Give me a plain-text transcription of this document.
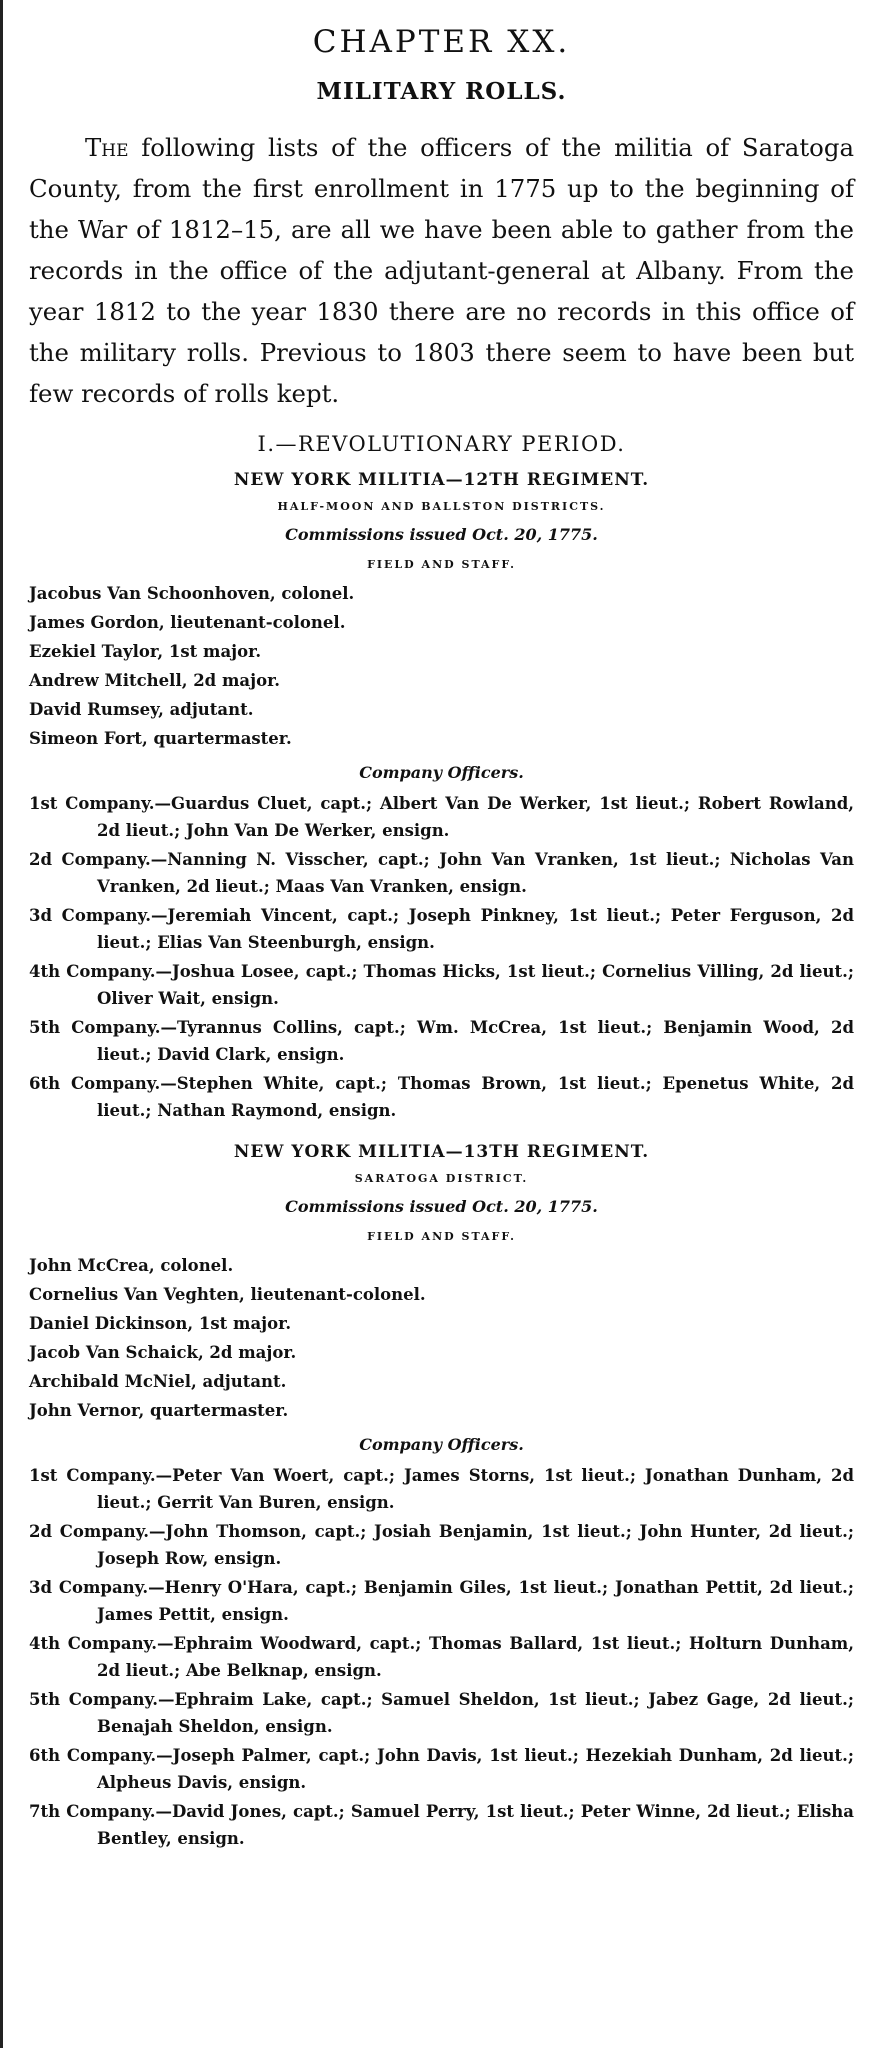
CHAPTER XX.
MILITARY ROLLS.

The following lists of the officers of the militia of Saratoga County, from the first enrollment in 1775 up to the beginning of the War of 1812–15, are all we have been able to gather from the records in the office of the adjutant-general at Albany. From the year 1812 to the year 1830 there are no records in this office of the military rolls. Previous to 1803 there seem to have been but few records of rolls kept.

I.—REVOLUTIONARY PERIOD.
NEW YORK MILITIA—12TH REGIMENT.
HALF-MOON AND BALLSTON DISTRICTS.
Commissions issued Oct. 20, 1775.
FIELD AND STAFF.
Jacobus Van Schoonhoven, colonel.
James Gordon, lieutenant-colonel.
Ezekiel Taylor, 1st major.
Andrew Mitchell, 2d major.
David Rumsey, adjutant.
Simeon Fort, quartermaster.
Company Officers.
1st Company.—Guardus Cluet, capt.; Albert Van De Werker, 1st lieut.; Robert Rowland, 2d lieut.; John Van De Werker, ensign.
2d Company.—Nanning N. Visscher, capt.; John Van Vranken, 1st lieut.; Nicholas Van Vranken, 2d lieut.; Maas Van Vranken, ensign.
3d Company.—Jeremiah Vincent, capt.; Joseph Pinkney, 1st lieut.; Peter Ferguson, 2d lieut.; Elias Van Steenburgh, ensign.
4th Company.—Joshua Losee, capt.; Thomas Hicks, 1st lieut.; Cornelius Villing, 2d lieut.; Oliver Wait, ensign.
5th Company.—Tyrannus Collins, capt.; Wm. McCrea, 1st lieut.; Benjamin Wood, 2d lieut.; David Clark, ensign.
6th Company.—Stephen White, capt.; Thomas Brown, 1st lieut.; Epenetus White, 2d lieut.; Nathan Raymond, ensign.
NEW YORK MILITIA—13TH REGIMENT.
SARATOGA DISTRICT.
Commissions issued Oct. 20, 1775.
FIELD AND STAFF.
John McCrea, colonel.
Cornelius Van Veghten, lieutenant-colonel.
Daniel Dickinson, 1st major.
Jacob Van Schaick, 2d major.
Archibald McNiel, adjutant.
John Vernor, quartermaster.
Company Officers.
1st Company.—Peter Van Woert, capt.; James Storns, 1st lieut.; Jonathan Dunham, 2d lieut.; Gerrit Van Buren, ensign.
2d Company.—John Thomson, capt.; Josiah Benjamin, 1st lieut.; John Hunter, 2d lieut.; Joseph Row, ensign.
3d Company.—Henry O'Hara, capt.; Benjamin Giles, 1st lieut.; Jonathan Pettit, 2d lieut.; James Pettit, ensign.
4th Company.—Ephraim Woodward, capt.; Thomas Ballard, 1st lieut.; Holturn Dunham, 2d lieut.; Abe Belknap, ensign.
5th Company.—Ephraim Lake, capt.; Samuel Sheldon, 1st lieut.; Jabez Gage, 2d lieut.; Benajah Sheldon, ensign.
6th Company.—Joseph Palmer, capt.; John Davis, 1st lieut.; Hezekiah Dunham, 2d lieut.; Alpheus Davis, ensign.
7th Company.—David Jones, capt.; Samuel Perry, 1st lieut.; Peter Winne, 2d lieut.; Elisha Bentley, ensign.
